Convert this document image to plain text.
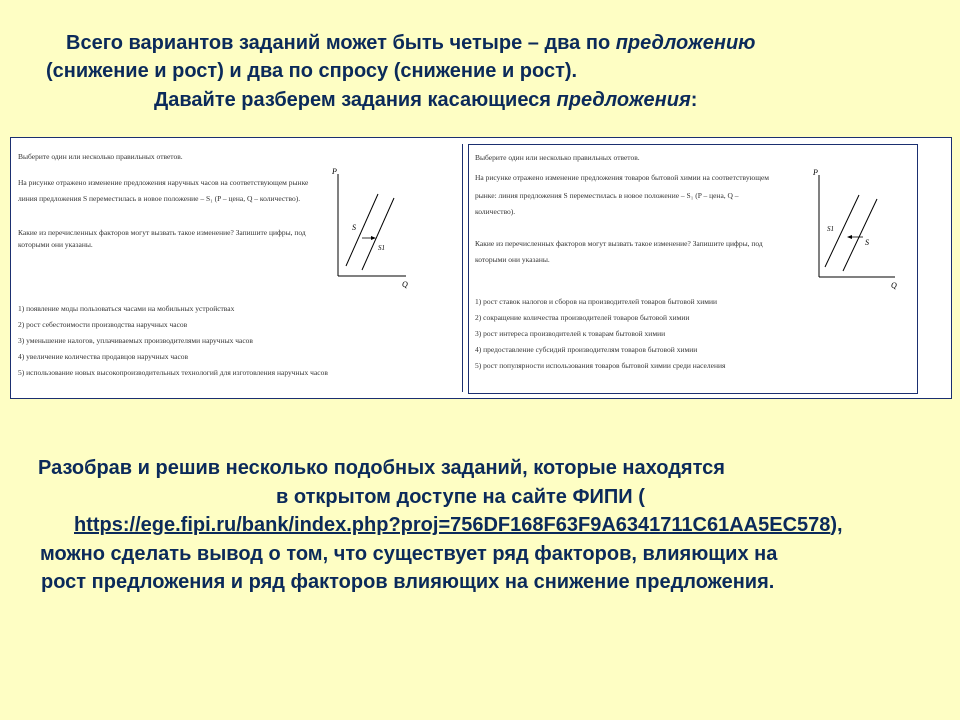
Всего вариантов заданий может быть четыре – два по предложению
(снижение и рост) и два по спросу (снижение и рост).
Давайте разберем задания касающиеся предложения:
Выберите один или несколько правильных ответов.
На рисунке отражено изменение предложения наручных часов на соответствующем рынке
линия предложения S переместилась в новое положение – S₁ (P – цена, Q – количество).
Какие из перечисленных факторов могут вызвать такое изменение? Запишите цифры, под
которыми они указаны.
1) появление моды пользоваться часами на мобильных устройствах
2) рост себестоимости производства наручных часов
3) уменьшение налогов, уплачиваемых производителями наручных часов
4) увеличение количества продавцов наручных часов
5) использование новых высокопроизводительных технологий для изготовления наручных часов
P
Q
S
S1
Выберите один или несколько правильных ответов.
На рисунке отражено изменение предложения товаров бытовой химии на соответствующем
рынке: линия предложения S переместилась в новое положение – S₁ (P – цена, Q –
количество).
Какие из перечисленных факторов могут вызвать такое изменение? Запишите цифры, под
которыми они указаны.
1) рост ставок налогов и сборов на производителей товаров бытовой химии
2) сокращение количества производителей товаров бытовой химии
3) рост интереса производителей к товарам бытовой химии
4) предоставление субсидий производителям товаров бытовой химии
5) рост популярности использования товаров бытовой химии среди населения
P
Q
S1
S
Разобрав и решив несколько подобных заданий, которые находятся
в открытом доступе на сайте ФИПИ (
https://ege.fipi.ru/bank/index.php?proj=756DF168F63F9A6341711C61AA5EC578),
можно сделать вывод о том, что существует ряд факторов, влияющих на
рост предложения и ряд факторов влияющих на снижение предложения.
